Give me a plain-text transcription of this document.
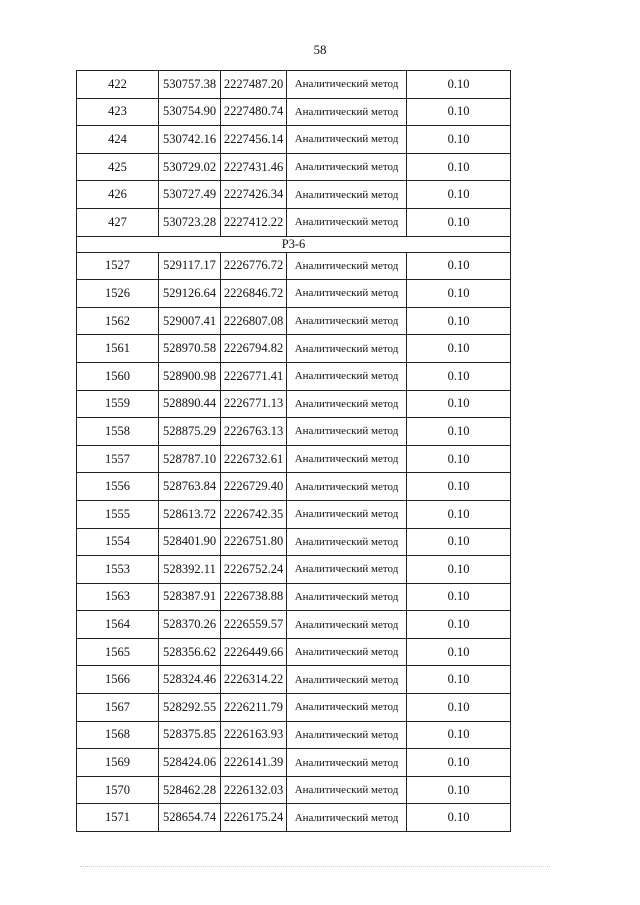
58
422	530757.38	2227487.20	Аналитический метод	0.10
423	530754.90	2227480.74	Аналитический метод	0.10
424	530742.16	2227456.14	Аналитический метод	0.10
425	530729.02	2227431.46	Аналитический метод	0.10
426	530727.49	2227426.34	Аналитический метод	0.10
427	530723.28	2227412.22	Аналитический метод	0.10
Р3-6				
1527	529117.17	2226776.72	Аналитический метод	0.10
1526	529126.64	2226846.72	Аналитический метод	0.10
1562	529007.41	2226807.08	Аналитический метод	0.10
1561	528970.58	2226794.82	Аналитический метод	0.10
1560	528900.98	2226771.41	Аналитический метод	0.10
1559	528890.44	2226771.13	Аналитический метод	0.10
1558	528875.29	2226763.13	Аналитический метод	0.10
1557	528787.10	2226732.61	Аналитический метод	0.10
1556	528763.84	2226729.40	Аналитический метод	0.10
1555	528613.72	2226742.35	Аналитический метод	0.10
1554	528401.90	2226751.80	Аналитический метод	0.10
1553	528392.11	2226752.24	Аналитический метод	0.10
1563	528387.91	2226738.88	Аналитический метод	0.10
1564	528370.26	2226559.57	Аналитический метод	0.10
1565	528356.62	2226449.66	Аналитический метод	0.10
1566	528324.46	2226314.22	Аналитический метод	0.10
1567	528292.55	2226211.79	Аналитический метод	0.10
1568	528375.85	2226163.93	Аналитический метод	0.10
1569	528424.06	2226141.39	Аналитический метод	0.10
1570	528462.28	2226132.03	Аналитический метод	0.10
1571	528654.74	2226175.24	Аналитический метод	0.10
